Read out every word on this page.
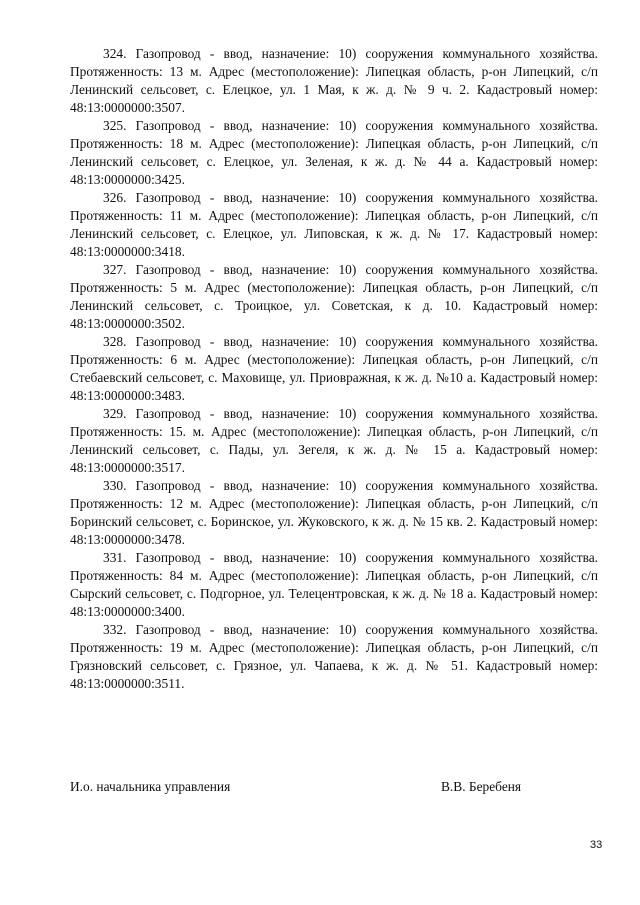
324. Газопровод - ввод, назначение: 10) сооружения коммунального хозяйства. Протяженность: 13 м. Адрес (местоположение): Липецкая область, р-он Липецкий, с/п Ленинский сельсовет, с. Елецкое, ул. 1 Мая, к ж. д. № 9 ч. 2. Кадастровый номер: 48:13:0000000:3507.

325. Газопровод - ввод, назначение: 10) сооружения коммунального хозяйства. Протяженность: 18 м. Адрес (местоположение): Липецкая область, р-он Липецкий, с/п Ленинский сельсовет, с. Елецкое, ул. Зеленая, к ж. д. № 44 а. Кадастровый номер: 48:13:0000000:3425.

326. Газопровод - ввод, назначение: 10) сооружения коммунального хозяйства. Протяженность: 11 м. Адрес (местоположение): Липецкая область, р-он Липецкий, с/п Ленинский сельсовет, с. Елецкое, ул. Липовская, к ж. д. № 17. Кадастровый номер: 48:13:0000000:3418.

327. Газопровод - ввод, назначение: 10) сооружения коммунального хозяйства. Протяженность: 5 м. Адрес (местоположение): Липецкая область, р-он Липецкий, с/п Ленинский сельсовет, с. Троицкое, ул. Советская, к д. 10. Кадастровый номер: 48:13:0000000:3502.

328. Газопровод - ввод, назначение: 10) сооружения коммунального хозяйства. Протяженность: 6 м. Адрес (местоположение): Липецкая область, р-он Липецкий, с/п Стебаевский сельсовет, с. Маховище, ул. Приовражная, к ж. д. №10 а. Кадастровый номер: 48:13:0000000:3483.

329. Газопровод - ввод, назначение: 10) сооружения коммунального хозяйства. Протяженность: 15. м. Адрес (местоположение): Липецкая область, р-он Липецкий, с/п Ленинский сельсовет, с. Пады, ул. Зегеля, к ж. д. № 15 а. Кадастровый номер: 48:13:0000000:3517.

330. Газопровод - ввод, назначение: 10) сооружения коммунального хозяйства. Протяженность: 12 м. Адрес (местоположение): Липецкая область, р-он Липецкий, с/п Боринский сельсовет, с. Боринское, ул. Жуковского, к ж. д. № 15 кв. 2. Кадастровый номер: 48:13:0000000:3478.

331. Газопровод - ввод, назначение: 10) сооружения коммунального хозяйства. Протяженность: 84 м. Адрес (местоположение): Липецкая область, р-он Липецкий, с/п Сырский сельсовет, с. Подгорное, ул. Телецентровская, к ж. д. № 18 а. Кадастровый номер: 48:13:0000000:3400.

332. Газопровод - ввод, назначение: 10) сооружения коммунального хозяйства. Протяженность: 19 м. Адрес (местоположение): Липецкая область, р-он Липецкий, с/п Грязновский сельсовет, с. Грязное, ул. Чапаева, к ж. д. № 51. Кадастровый номер: 48:13:0000000:3511.

И.о. начальника управления	В.В. Беребеня
33
